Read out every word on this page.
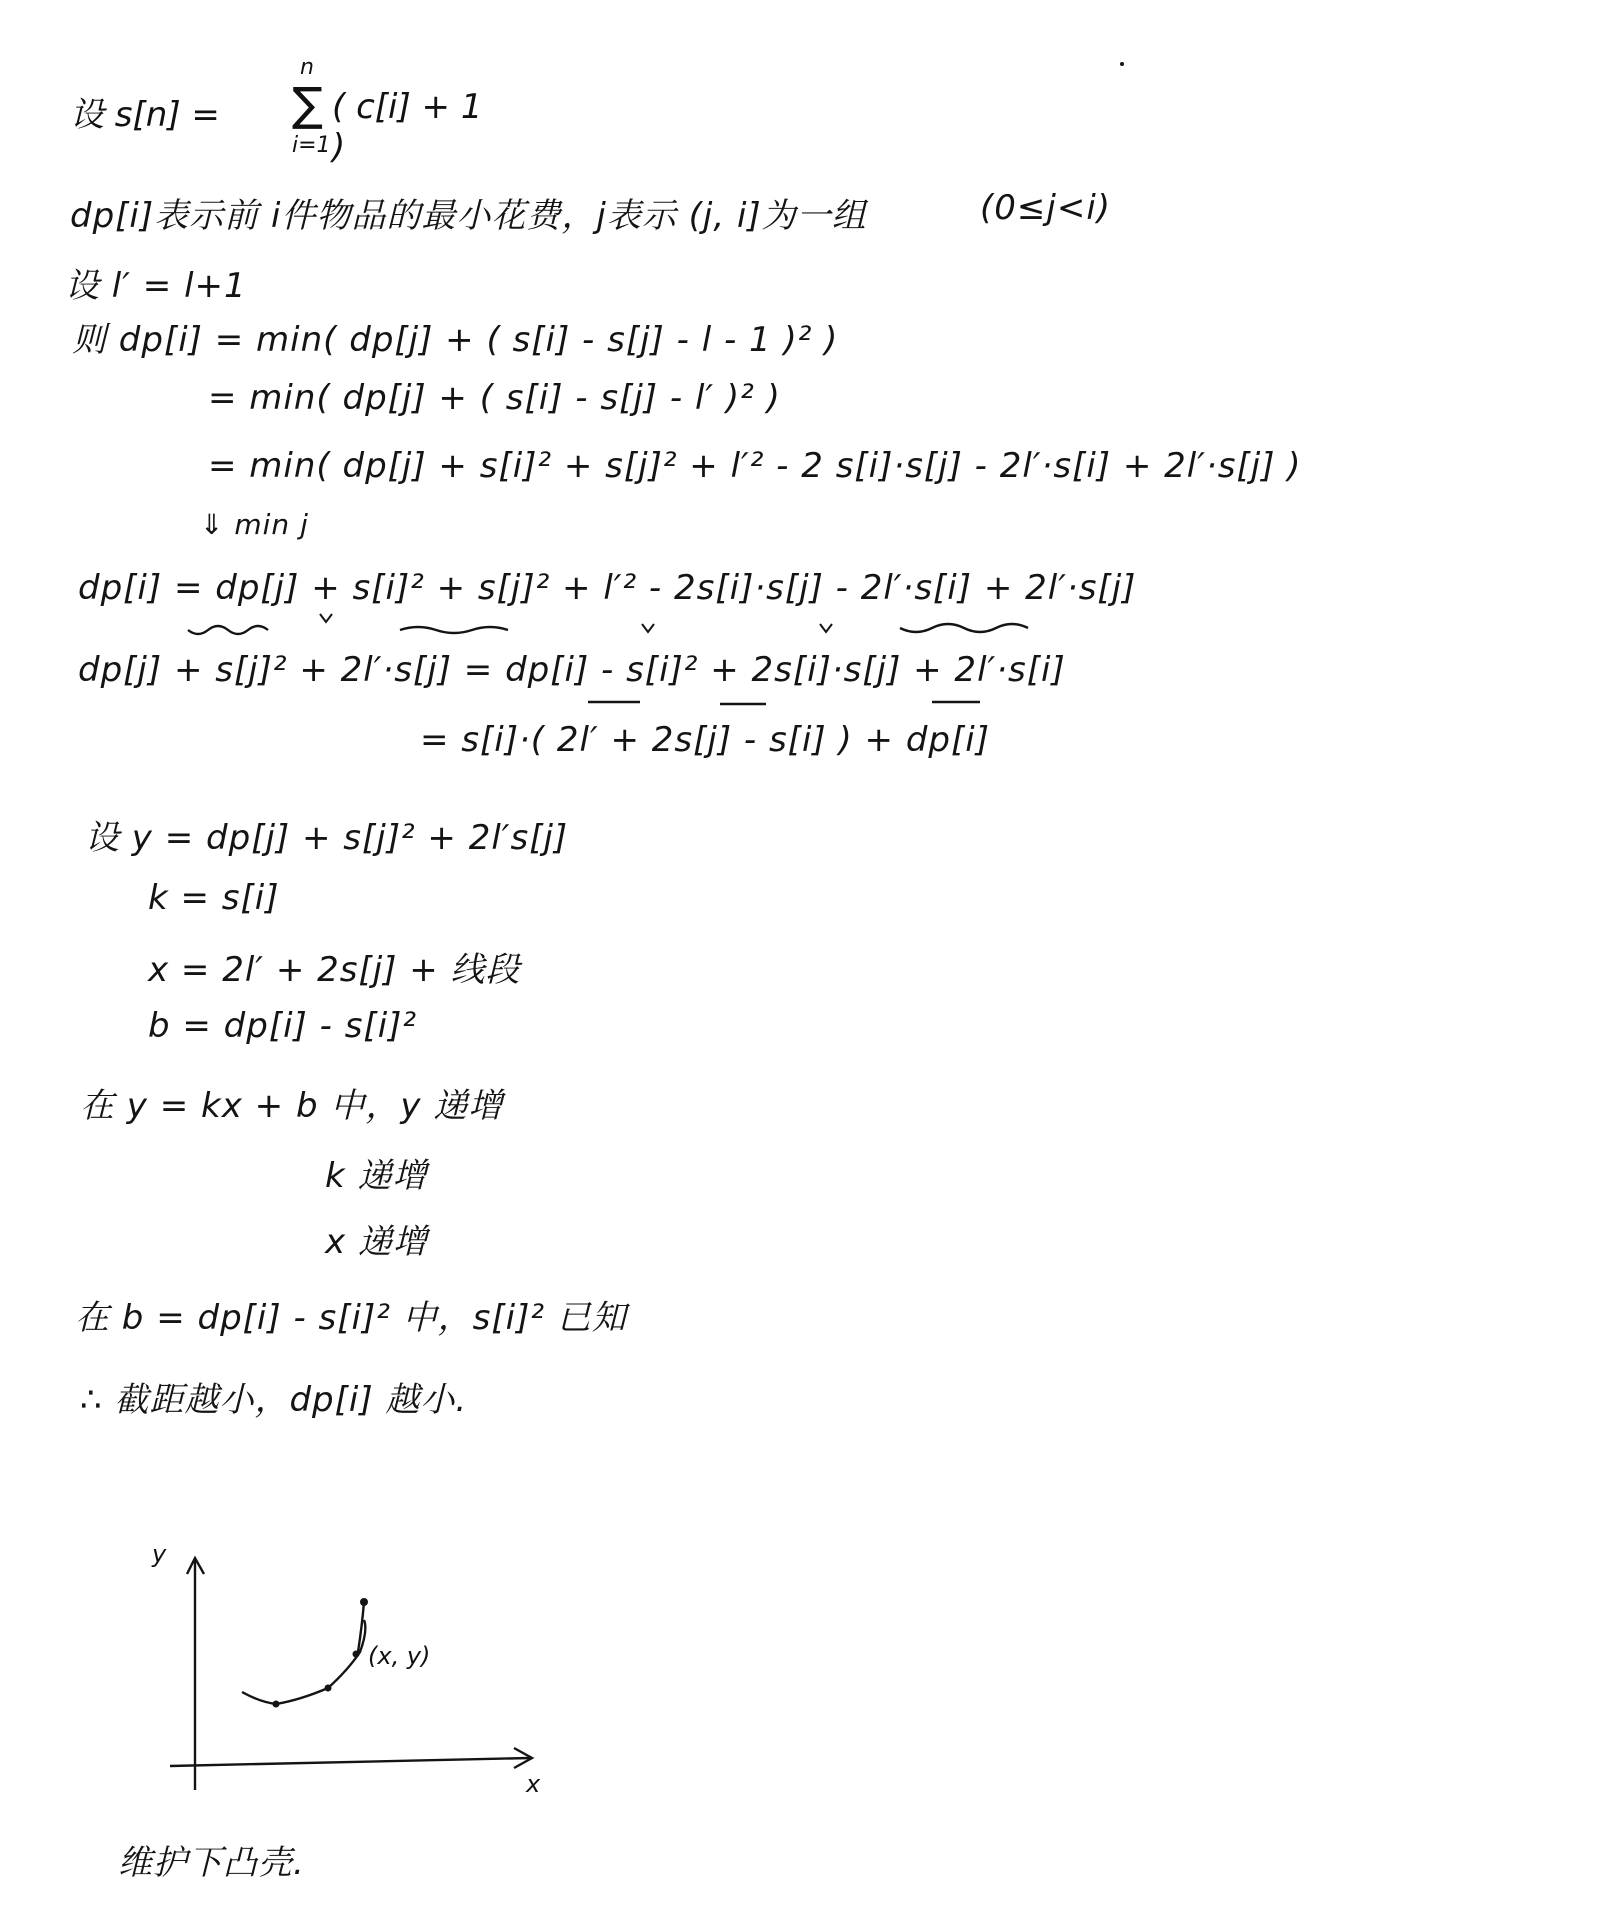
设 s[n] =
n
∑
i=1
( c[i] + 1 )
dp[i]表示前 i件物品的最小花费，j表示 (j, i]为一组	(0≤j<i)
设 l′ = l+1
则 dp[i] = min( dp[j] + ( s[i] - s[j] - l - 1 )² )
= min( dp[j] + ( s[i] - s[j] - l′ )² )
= min( dp[j] + s[i]² + s[j]² + l′² - 2 s[i]·s[j] - 2l′·s[i] + 2l′·s[j] )
⇓ min j
dp[i] = dp[j] + s[i]² + s[j]² + l′² - 2s[i]·s[j] - 2l′·s[i] + 2l′·s[j]
dp[j] + s[j]² + 2l′·s[j] = dp[i] - s[i]² + 2s[i]·s[j] + 2l′·s[i]
= s[i]·( 2l′ + 2s[j] - s[i] ) + dp[i]
设 y = dp[j] + s[j]² + 2l′s[j]
k = s[i]
x = 2l′ + 2s[j] + 线段
b = dp[i] - s[i]²
在 y = kx + b 中，y 递增
k 递增
x 递增
在 b = dp[i] - s[i]² 中，s[i]² 已知
∴ 截距越小，dp[i] 越小.
y
x
(x, y)
维护下凸壳.
